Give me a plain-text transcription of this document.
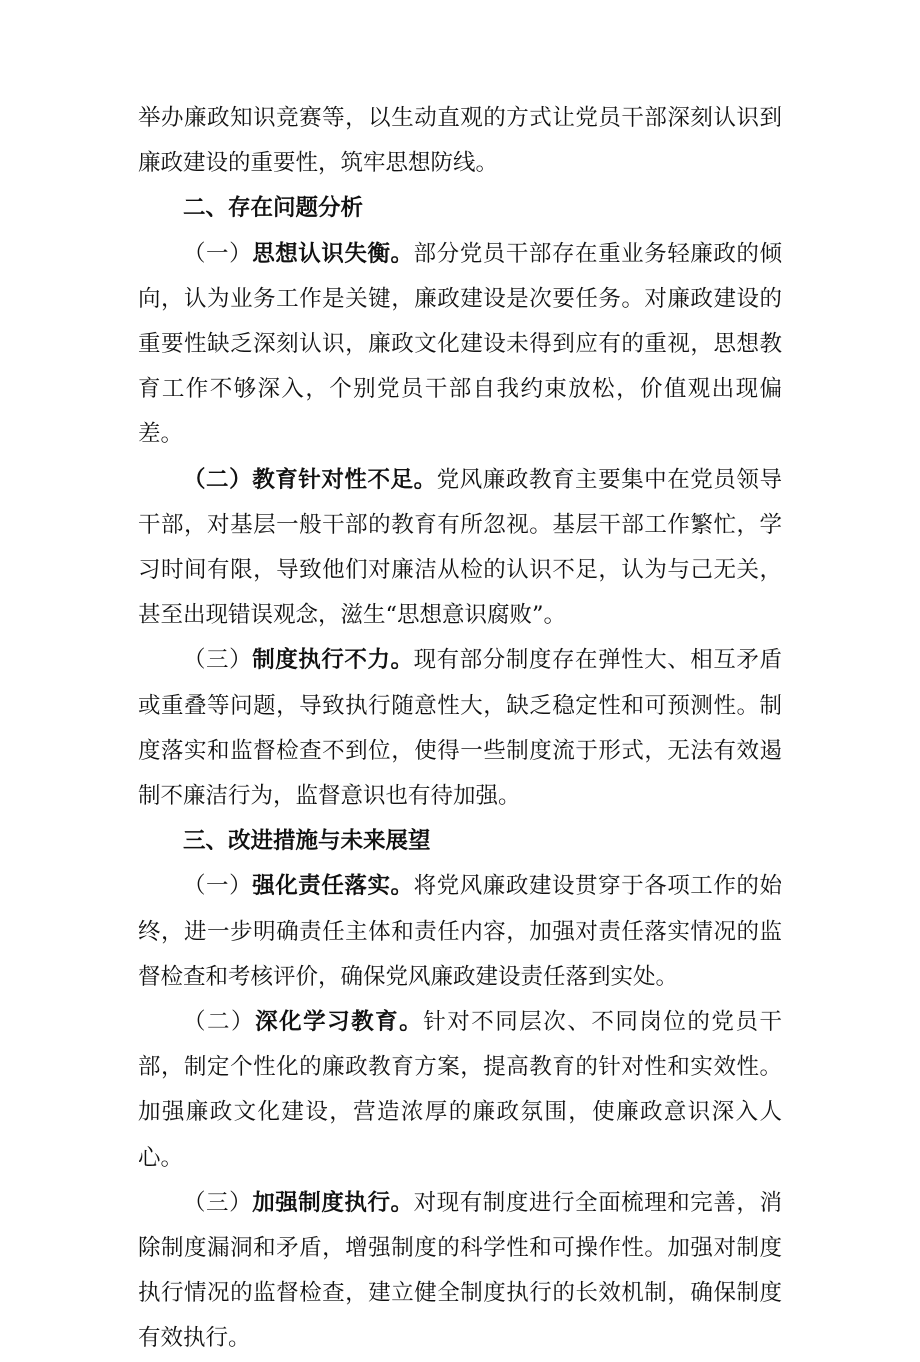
举办廉政知识竞赛等，以生动直观的方式让党员干部深刻认识到廉政建设的重要性，筑牢思想防线。

二、存在问题分析

（一）思想认识失衡。部分党员干部存在重业务轻廉政的倾向，认为业务工作是关键，廉政建设是次要任务。对廉政建设的重要性缺乏深刻认识，廉政文化建设未得到应有的重视，思想教育工作不够深入，个别党员干部自我约束放松，价值观出现偏差。

（二）教育针对性不足。党风廉政教育主要集中在党员领导干部，对基层一般干部的教育有所忽视。基层干部工作繁忙，学习时间有限，导致他们对廉洁从检的认识不足，认为与己无关，甚至出现错误观念，滋生“思想意识腐败”。

（三）制度执行不力。现有部分制度存在弹性大、相互矛盾或重叠等问题，导致执行随意性大，缺乏稳定性和可预测性。制度落实和监督检查不到位，使得一些制度流于形式，无法有效遏制不廉洁行为，监督意识也有待加强。

三、改进措施与未来展望

（一）强化责任落实。将党风廉政建设贯穿于各项工作的始终，进一步明确责任主体和责任内容，加强对责任落实情况的监督检查和考核评价，确保党风廉政建设责任落到实处。

（二）深化学习教育。针对不同层次、不同岗位的党员干部，制定个性化的廉政教育方案，提高教育的针对性和实效性。加强廉政文化建设，营造浓厚的廉政氛围，使廉政意识深入人心。

（三）加强制度执行。对现有制度进行全面梳理和完善，消除制度漏洞和矛盾，增强制度的科学性和可操作性。加强对制度执行情况的监督检查，建立健全制度执行的长效机制，确保制度有效执行。
